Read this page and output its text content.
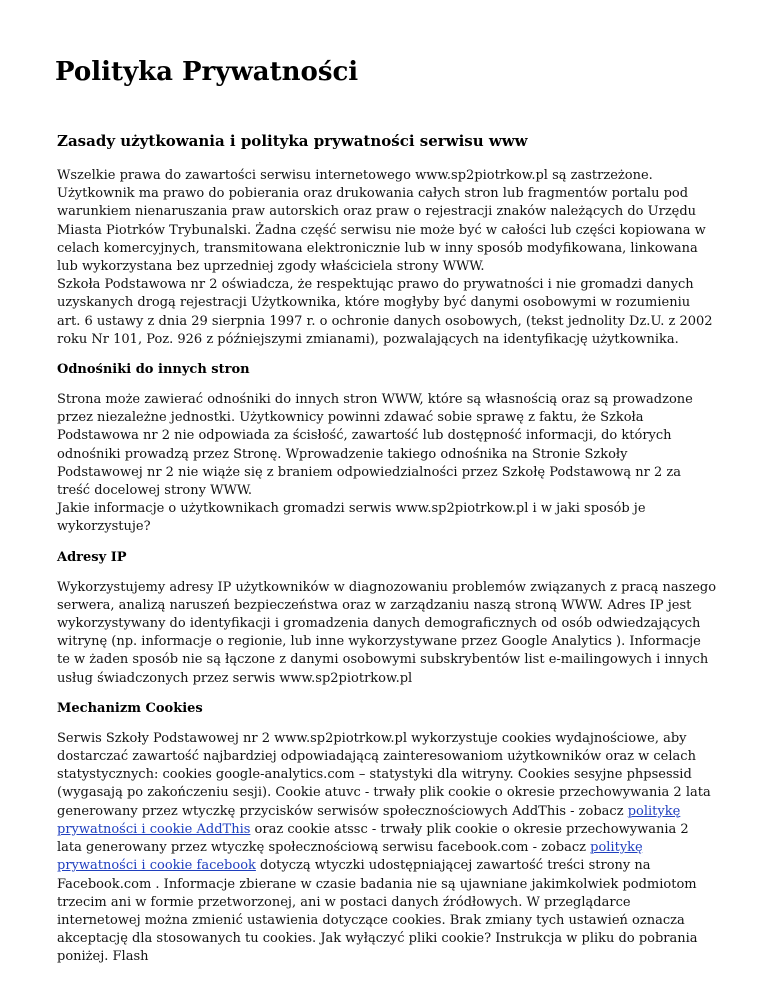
Polityka Prywatności
Zasady użytkowania i polityka prywatności serwisu www

Wszelkie prawa do zawartości serwisu internetowego www.sp2piotrkow.pl są zastrzeżone. Użytkownik ma prawo do pobierania oraz drukowania całych stron lub fragmentów portalu pod warunkiem nienaruszania praw autorskich oraz praw o rejestracji znaków należących do Urzędu Miasta Piotrków Trybunalski. Żadna część serwisu nie może być w całości lub części kopiowana w celach komercyjnych, transmitowana elektronicznie lub w inny sposób modyfikowana, linkowana lub wykorzystana bez uprzedniej zgody właściciela strony WWW.
Szkoła Podstawowa nr 2 oświadcza, że respektując prawo do prywatności i nie gromadzi danych uzyskanych drogą rejestracji Użytkownika, które mogłyby być danymi osobowymi w rozumieniu art. 6 ustawy z dnia 29 sierpnia 1997 r. o ochronie danych osobowych, (tekst jednolity Dz.U. z 2002 roku Nr 101, Poz. 926 z późniejszymi zmianami), pozwalających na identyfikację użytkownika.

Odnośniki do innych stron

Strona może zawierać odnośniki do innych stron WWW, które są własnością oraz są prowadzone przez niezależne jednostki. Użytkownicy powinni zdawać sobie sprawę z faktu, że Szkoła Podstawowa nr 2 nie odpowiada za ścisłość, zawartość lub dostępność informacji, do których odnośniki prowadzą przez Stronę. Wprowadzenie takiego odnośnika na Stronie Szkoły Podstawowej nr 2 nie wiąże się z braniem odpowiedzialności przez Szkołę Podstawową nr 2 za treść docelowej strony WWW.
Jakie informacje o użytkownikach gromadzi serwis www.sp2piotrkow.pl i w jaki sposób je wykorzystuje?

Adresy IP

Wykorzystujemy adresy IP użytkowników w diagnozowaniu problemów związanych z pracą naszego serwera, analizą naruszeń bezpieczeństwa oraz w zarządzaniu naszą stroną WWW. Adres IP jest wykorzystywany do identyfikacji i gromadzenia danych demograficznych od osób odwiedzających witrynę (np. informacje o regionie, lub inne wykorzystywane przez Google Analytics ). Informacje te w żaden sposób nie są łączone z danymi osobowymi subskrybentów list e-mailingowych i innych usług świadczonych przez serwis www.sp2piotrkow.pl

Mechanizm Cookies

Serwis Szkoły Podstawowej nr 2 www.sp2piotrkow.pl wykorzystuje cookies wydajnościowe, aby dostarczać zawartość najbardziej odpowiadającą zainteresowaniom użytkowników oraz w celach statystycznych: cookies google-analytics.com – statystyki dla witryny. Cookies sesyjne phpsessid (wygasają po zakończeniu sesji). Cookie atuvc - trwały plik cookie o okresie przechowywania 2 lata generowany przez wtyczkę przycisków serwisów społecznościowych AddThis - zobacz politykę prywatności i cookie AddThis oraz cookie atssc - trwały plik cookie o okresie przechowywania 2 lata generowany przez wtyczkę społecznościową serwisu facebook.com - zobacz politykę prywatności i cookie facebook dotyczą wtyczki udostępniającej zawartość treści strony na Facebook.com . Informacje zbierane w czasie badania nie są ujawniane jakimkolwiek podmiotom trzecim ani w formie przetworzonej, ani w postaci danych źródłowych. W przeglądarce internetowej można zmienić ustawienia dotyczące cookies. Brak zmiany tych ustawień oznacza akceptację dla stosowanych tu cookies. Jak wyłączyć pliki cookie? Instrukcja w pliku do pobrania poniżej. Flash
